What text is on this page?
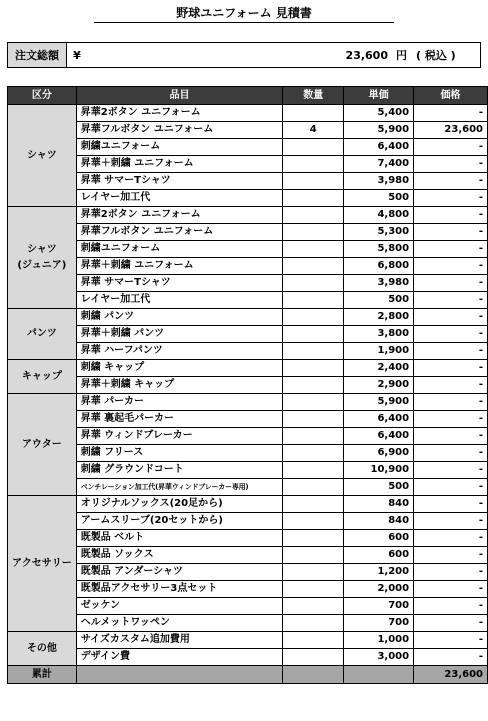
野球ユニフォーム 見積書
注文総額	¥	23,600 円 ( 税込 )
区分	品目	数量	単価	価格
シャツ	昇華2ボタン ユニフォーム		5,400	-
	昇華フルボタン ユニフォーム	4	5,900	23,600
	刺繍ユニフォーム		6,400	-
	昇華＋刺繍 ユニフォーム		7,400	-
	昇華 サマーTシャツ		3,980	-
	レイヤー加工代		500	-
シャツ
(ジュニア)	昇華2ボタン ユニフォーム		4,800	-
	昇華フルボタン ユニフォーム		5,300	-
	刺繍ユニフォーム		5,800	-
	昇華＋刺繍 ユニフォーム		6,800	-
	昇華 サマーTシャツ		3,980	-
	レイヤー加工代		500	-
パンツ	刺繍 パンツ		2,800	-
	昇華＋刺繍 パンツ		3,800	-
	昇華 ハーフパンツ		1,900	-
キャップ	刺繍 キャップ		2,400	-
	昇華＋刺繍 キャップ		2,900	-
アウター	昇華 パーカー		5,900	-
	昇華 裏起毛パーカー		6,400	-
	昇華 ウィンドブレーカー		6,400	-
	刺繍 フリース		6,900	-
	刺繍 グラウンドコート		10,900	-
	ベンチレーション加工代(昇華ウィンドブレーカー専用)		500	-
アクセサリー	オリジナルソックス(20足から)		840	-
	アームスリーブ(20セットから)		840	-
	既製品 ベルト		600	-
	既製品 ソックス		600	-
	既製品 アンダーシャツ		1,200	-
	既製品アクセサリー3点セット		2,000	-
	ゼッケン		700	-
	ヘルメットワッペン		700	-
その他	サイズカスタム追加費用		1,000	-
	デザイン費		3,000	-
累計				23,600
